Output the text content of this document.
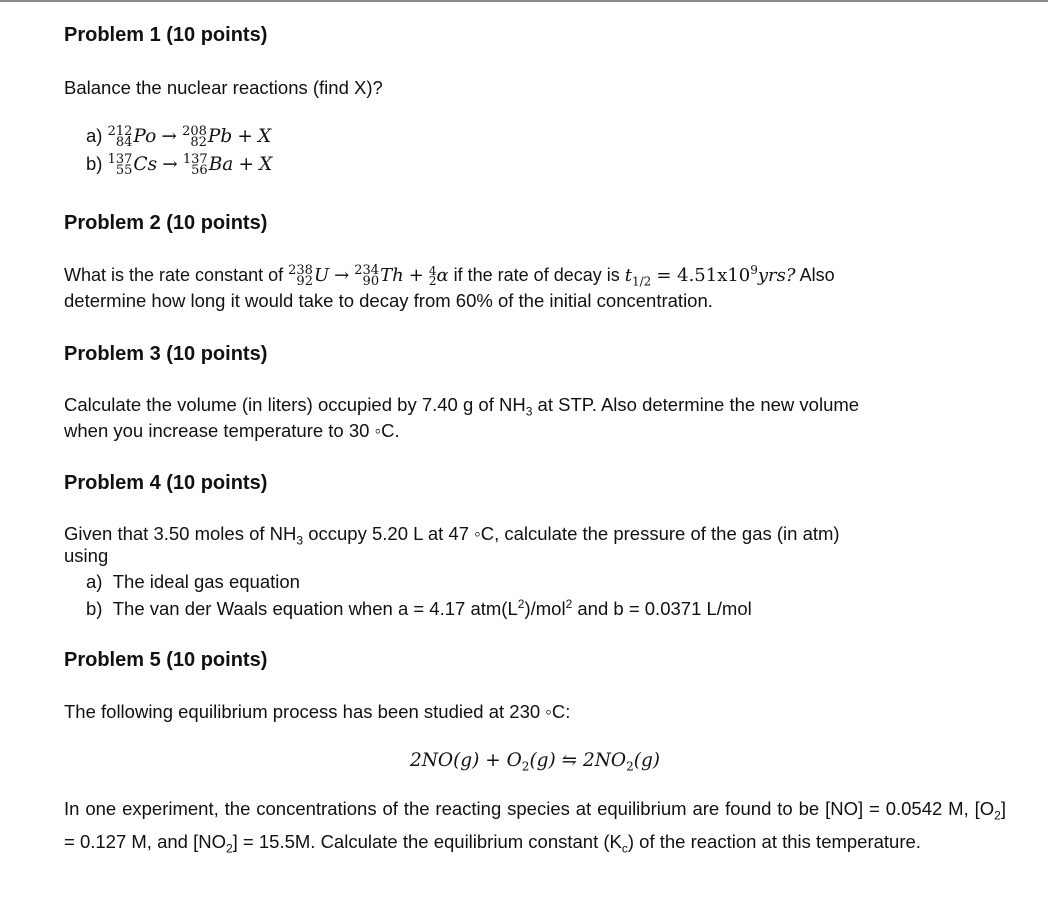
Problem 1 (10 points)
Balance the nuclear reactions (find X)?
a) 212
84 Po → 208
82 Pb + X
b) 137
55 Cs → 137
56 Ba + X
Problem 2 (10 points)
What is the rate constant of 238
92 U → 234
90 Th + 4
2 α if the rate of decay is $t_{1/2} = 4.51x10^9yrs$? Also
determine how long it would take to decay from 60% of the initial concentration.
Problem 3 (10 points)
Calculate the volume (in liters) occupied by 7.40 g of $NH_3$ at STP. Also determine the new volume
when you increase temperature to 30 ◦C.
Problem 4 (10 points)
Given that 3.50 moles of $NH_3$ occupy 5.20 L at 47 ◦C, calculate the pressure of the gas (in atm)
using
a) The ideal gas equation
b) The van der Waals equation when a = 4.17 $atm(L^2)/mol^2$ and b = 0.0371 L/mol
Problem 5 (10 points)
The following equilibrium process has been studied at 230 ◦C:
$2NO(g) + O_2(g)$ ⇋ $2NO_2(g)$
In one experiment, the concentrations of the reacting species at equilibrium are found to be [NO] = 0.0542 M, $[O_2] = 0.127$ M, and $[NO_2] = 15.5M$. Calculate the equilibrium constant $(K_c)$ of the reaction at this temperature.
